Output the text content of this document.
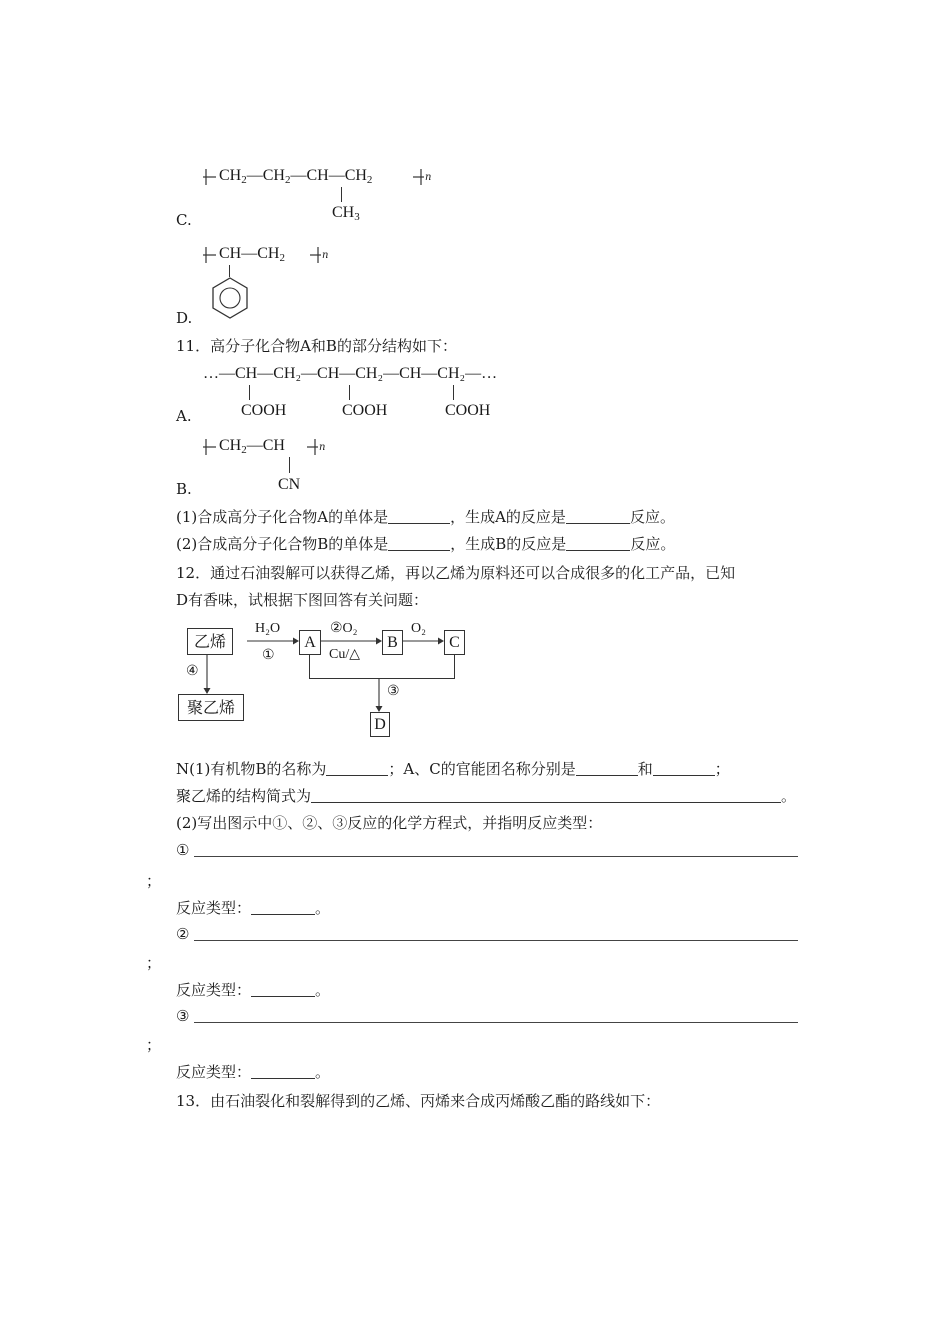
$CH_2—CH_2—CH—CH_2$	n
$CH_3$
C.
$CH—CH_2$	n
D.
11．高分子化合物A和B的部分结构如下：
…—CH—CH₂—CH—CH₂—CH—CH₂—…
COOH	COOH	COOH
A.
$CH_2—CH$	n
CN
B.
(1)合成高分子化合物A的单体是	，生成A的反应是	反应。
(2)合成高分子化合物B的单体是	，生成B的反应是	反应。
12．通过石油裂解可以获得乙烯，再以乙烯为原料还可以合成很多的化工产品，已知
D有香味，试根据下图回答有关问题：
乙烯
H₂O
①
A
②O₂
Cu/△
B
O₂
C
③
D
④
聚乙烯
N(1)有机物B的名称为	；A、C的官能团名称分别是	和	；
聚乙烯的结构简式为	。
(2)写出图示中①、②、③反应的化学方程式，并指明反应类型：
①
；
反应类型：	。
②
；
反应类型：	。
③
；
反应类型：	。
13．由石油裂化和裂解得到的乙烯、丙烯来合成丙烯酸乙酯的路线如下：
